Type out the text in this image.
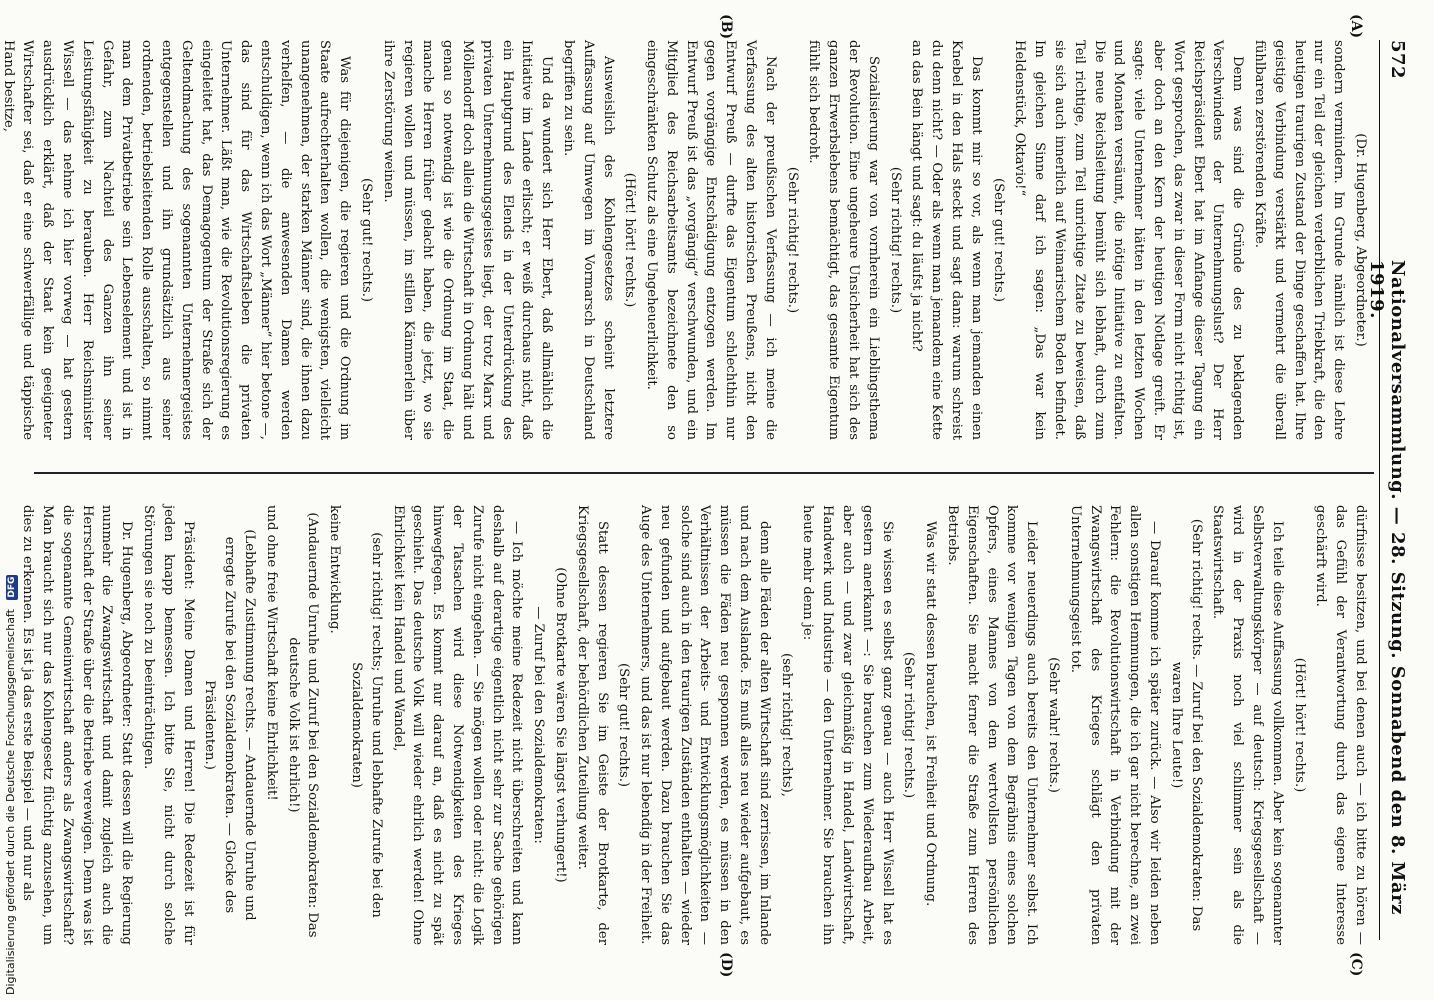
572
Nationalversammlung. — 28. Sitzung. Sonnabend den 8. März 1919.
(A)
(B)
(C)
(D)

(Dr. Hugenberg, Abgeordneter.)

sondern vermindern. Im Grunde nämlich ist diese Lehre nur ein Teil der gleichen verderblichen Triebkraft, die den heutigen traurigen Zustand der Dinge geschaffen hat. Ihre geistige Verbindung verstärkt und vermehrt die überall fühlbaren zerstörenden Kräfte.

Denn was sind die Gründe des zu beklagenden Verschwindens der Unternehmungslust? Der Herr Reichspräsident Ebert hat im Anfange dieser Tagung ein Wort gesprochen, das zwar in dieser Form nicht richtig ist, aber doch an den Kern der heutigen Notlage greift. Er sagte: viele Unternehmer hätten in den letzten Wochen und Monaten versäumt, die nötige Initiative zu entfalten. Die neue Reichsleitung bemüht sich lebhaft, durch zum Teil richtige, zum Teil unrichtige Zitate zu beweisen, daß sie sich auch innerlich auf Weimarischem Boden befindet. Im gleichen Sinne darf ich sagen: „Das war kein Heldenstück, Oktavio!“

(Sehr gut! rechts.)

Das kommt mir so vor, als wenn man jemanden einen Knebel in den Hals steckt und sagt dann: warum schreist du denn nicht? — Oder als wenn man jemandem eine Kette an das Bein hängt und sagt: du läufst ja nicht?

(Sehr richtig! rechts.)

Sozialisierung war von vornherein ein Lieblingsthema der Revolution. Eine ungeheure Unsicherheit hat sich des ganzen Erwerbslebens bemächtigt, das gesamte Eigentum fühlt sich bedroht.

(Sehr richtig! rechts.)

Nach der preußischen Verfassung — ich meine die Verfassung des alten historischen Preußens, nicht den Entwurf Preuß — durfte das Eigentum schlechthin nur gegen vorgängige Entschädigung entzogen werden. Im Entwurf Preuß ist das „vorgängig“ verschwunden, und ein Mitglied des Reichsarbeitsamts bezeichnete den so eingeschränkten Schutz als eine Ungeheuerlichkeit.

(Hört! hört! rechts.)

Ausweislich des Kohlengesetzes scheint letztere Auffassung auf Umwegen im Vormarsch in Deutschland begriffen zu sein.

Und da wundert sich Herr Ebert, daß allmählich die Initiative im Lande erlischt; er weiß durchaus nicht, daß ein Hauptgrund des Elends in der Unterdrückung des privaten Unternehmungsgeistes liegt, der trotz Marx und Möllendorff doch allein die Wirtschaft in Ordnung hält und genau so notwendig ist wie die Ordnung im Staat, die manche Herren früher gelacht haben, die jetzt, wo sie regieren wollen und müssen, im stillen Kämmerlein über ihre Zerstörung weinen.

(Sehr gut! rechts.)

Was für diejenigen, die regieren und die Ordnung im Staate aufrechterhalten wollen, die wenigsten, vielleicht unangenehmen, der starken Männer sind, die ihnen dazu verhelfen, — die anwesenden Damen werden entschuldigen, wenn ich das Wort „Männer“ hier betone —, das sind für das Wirtschaftsleben die privaten Unternehmer. Läßt man, wie die Revolutionsregierung es eingeleitet hat, das Demagogentum der Straße sich der Geltendmachung des sogenannten Unternehmergeistes entgegenstellen und ihn grundsätzlich aus seiner ordnenden, betriebsleitenden Rolle ausschalten, so nimmt man dem Privatbetriebe sein Lebenselement und ist in Gefahr, zum Nachteil des Ganzen ihn seiner Leistungsfähigkeit zu berauben. Herr Reichsminister Wissell — das nehme ich hier vorweg — hat gestern ausdrücklich erklärt, daß der Staat kein geeigneter Wirtschafter sei, daß er eine schwerfällige und täppische Hand besitze,

dürfnisse besitzen, und bei denen auch — ich bitte zu hören — das Gefühl der Verantwortung durch das eigene Interesse geschärft wird.

(Hört! hört! rechts.)

Ich teile diese Auffassung vollkommen. Aber kein sogenannter Selbstverwaltungskörper — auf deutsch: Kriegsgesellschaft — wird in der Praxis noch viel schlimmer sein als die Staatswirtschaft.

(Sehr richtig! rechts. — Zuruf bei den Sozialdemokraten: Das waren Ihre Leute!)

— Darauf komme ich später zurück. — Also wir leiden neben allen sonstigen Hemmungen, die ich gar nicht berechne, an zwei Fehlern: die Revolutionswirtschaft in Verbindung mit der Zwangswirtschaft des Krieges schlägt den privaten Unternehmungsgeist tot.

(Sehr wahr! rechts.)

Leider neuerdings auch bereits den Unternehmer selbst. Ich komme vor wenigen Tagen von dem Begräbnis eines solchen Opfers, eines Mannes von dem wertvollsten persönlichen Eigenschaften. Sie macht ferner die Straße zum Herren des Betriebs.

Was wir statt dessen brauchen, ist Freiheit und Ordnung.

(Sehr richtig! rechts.)

Sie wissen es selbst ganz genau — auch Herr Wissell hat es gestern anerkannt —: Sie brauchen zum Wiederaufbau Arbeit, aber auch — und zwar gleichmäßig in Handel, Landwirtschaft, Handwerk und Industrie — den Unternehmer. Sie brauchen ihn heute mehr denn je:

(sehr richtig! rechts),

denn alle Fäden der alten Wirtschaft sind zerrissen, im Inlande und nach dem Auslande. Es muß alles neu wieder aufgebaut, es müssen die Fäden neu gesponnen werden, es müssen in den Verhältnissen der Arbeits- und Entwicklungsmöglichkeiten — solche sind auch in den traurigen Zuständen enthalten — wieder neu gefunden und aufgebaut werden. Dazu brauchen Sie das Auge des Unternehmers, und das ist nur lebendig in der Freiheit.

(Sehr gut! rechts.)

Statt dessen regieren Sie im Geiste der Brotkarte, der Kriegsgesellschaft, der behördlichen Zuteilung weiter.

(Ohne Brotkarte wären Sie längst verhungert!)

— Zuruf bei den Sozialdemokraten:

— Ich möchte meine Redezeit nicht überschreiten und kann deshalb auf derartige eigentlich nicht sehr zur Sache gehörigen Zurufe nicht eingehen. — Sie mögen wollen oder nicht: die Logik der Tatsachen wird diese Notwendigkeiten des Krieges hinwegfegen. Es kommt nur darauf an, daß es nicht zu spät geschieht. Das deutsche Volk will wieder ehrlich werden! Ohne Ehrlichkeit kein Handel und Wandel,

(sehr richtig! rechts; Unruhe und lebhafte Zurufe bei den Sozialdemokraten)

keine Entwicklung.

(Andauernde Unruhe und Zuruf bei den Sozialdemokraten: Das deutsche Volk ist ehrlich!)

und ohne freie Wirtschaft keine Ehrlichkeit!

(Lebhafte Zustimmung rechts. — Andauernde Unruhe und erregte Zurufe bei den Sozialdemokraten. — Glocke des Präsidenten.)

Präsident: Meine Damen und Herren! Die Redezeit ist für jeden knapp bemessen. Ich bitte Sie, nicht durch solche Störungen sie noch zu beeinträchtigen.

Dr. Hugenberg, Abgeordneter: Statt dessen will die Regierung nunmehr die Zwangswirtschaft und damit zugleich auch die Herrschaft der Straße über die Betriebe verewigen. Denn was ist die sogenannte Gemeinwirtschaft anders als Zwangswirtschaft? Man braucht sich nur das Kohlengesetz flüchtig anzusehen, um dies zu erkennen. Es ist ja das erste Beispiel — und nur als

Digitalisierung gefördert durch die Deutsche Forschungsgemeinschaft DFG
